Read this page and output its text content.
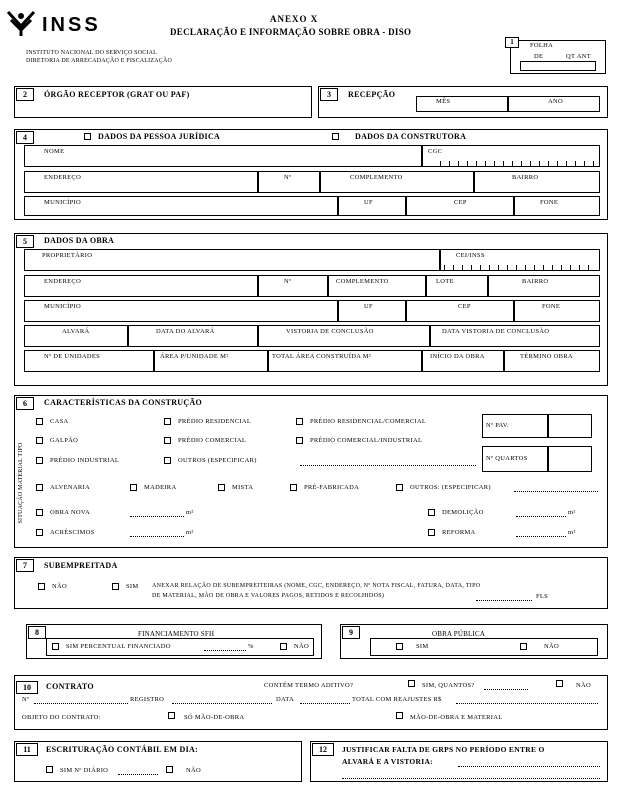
INSS	ANEXO X
DECLARAÇÃO E INFORMAÇÃO SOBRE OBRA - DISO
INSTITUTO NACIONAL DO SERVIÇO SOCIAL
DIRETORIA DE ARRECADAÇÃO E FISCALIZAÇÃO
1	FOLHA
DE	QT ANT
2	ÓRGÃO RECEPTOR (GRAT OU PAF)	3	RECEPÇÃO
MÊS	ANO
4	DADOS DA PESSOA JURÍDICA	DADOS DA CONSTRUTORA
NOME	CGC
ENDEREÇO	Nº	COMPLEMENTO	BAIRRO
MUNICÍPIO	UF	CEP	FONE
5	DADOS DA OBRA
PROPRIETÁRIO	CEI/INSS
ENDEREÇO	Nº	COMPLEMENTO	LOTE	BAIRRO
MUNICÍPIO	UF	CEP	FONE
ALVARÁ	DATA DO ALVARÁ	VISTORIA DE CONCLUSÃO	DATA VISTORIA DE CONCLUSÃO
Nº DE UNIDADES	ÁREA P/UNIDADE M²	TOTAL ÁREA CONSTRUÍDA M²	INÍCIO DA OBRA	TÉRMINO OBRA
6	CARACTERÍSTICAS DA CONSTRUÇÃO
SITUAÇÃO MATERIAL TIPO
CASA	PRÉDIO RESIDENCIAL	PRÉDIO RESIDENCIAL/COMERCIAL
GALPÃO	PRÉDIO COMERCIAL	PRÉDIO COMERCIAL/INDUSTRIAL
PRÉDIO INDUSTRIAL	OUTROS (ESPECIFICAR)
Nº PAV.
Nº QUARTOS
ALVENARIA	MADEIRA	MISTA	PRÉ-FABRICADA	OUTROS: (ESPECIFICAR)
OBRA NOVA	m²
ACRÉSCIMOS	m²
DEMOLIÇÃO	m²
REFORMA	m²
7	SUBEMPREITADA
NÃO	SIM ANEXAR RELAÇÃO DE SUBEMPREITEIRAS (NOME, CGC, ENDEREÇO, Nº NOTA FISCAL, FATURA, DATA, TIPO
DE MATERIAL, MÃO DE OBRA E VALORES PAGOS, RETIDOS E RECOLHIDOS)	FLS
8	FINANCIAMENTO SFH
SIM PERCENTUAL FINANCIADO	%	NÃO
9	OBRA PÚBLICA
SIM	NÃO
10	CONTRATO	CONTÉM TERMO ADITIVO?	SIM, QUANTOS?	NÃO
Nº	REGISTRO	DATA	TOTAL COM REAJUSTES R$
OBJETO DO CONTRATO:	SÓ MÃO-DE-OBRA	MÃO-DE-OBRA E MATERIAL
11	ESCRITURAÇÃO CONTÁBIL EM DIA:
SIM Nº DIÁRIO	NÃO
12	JUSTIFICAR FALTA DE GRPS NO PERÍODO ENTRE O
ALVARÁ E A VISTORIA:
